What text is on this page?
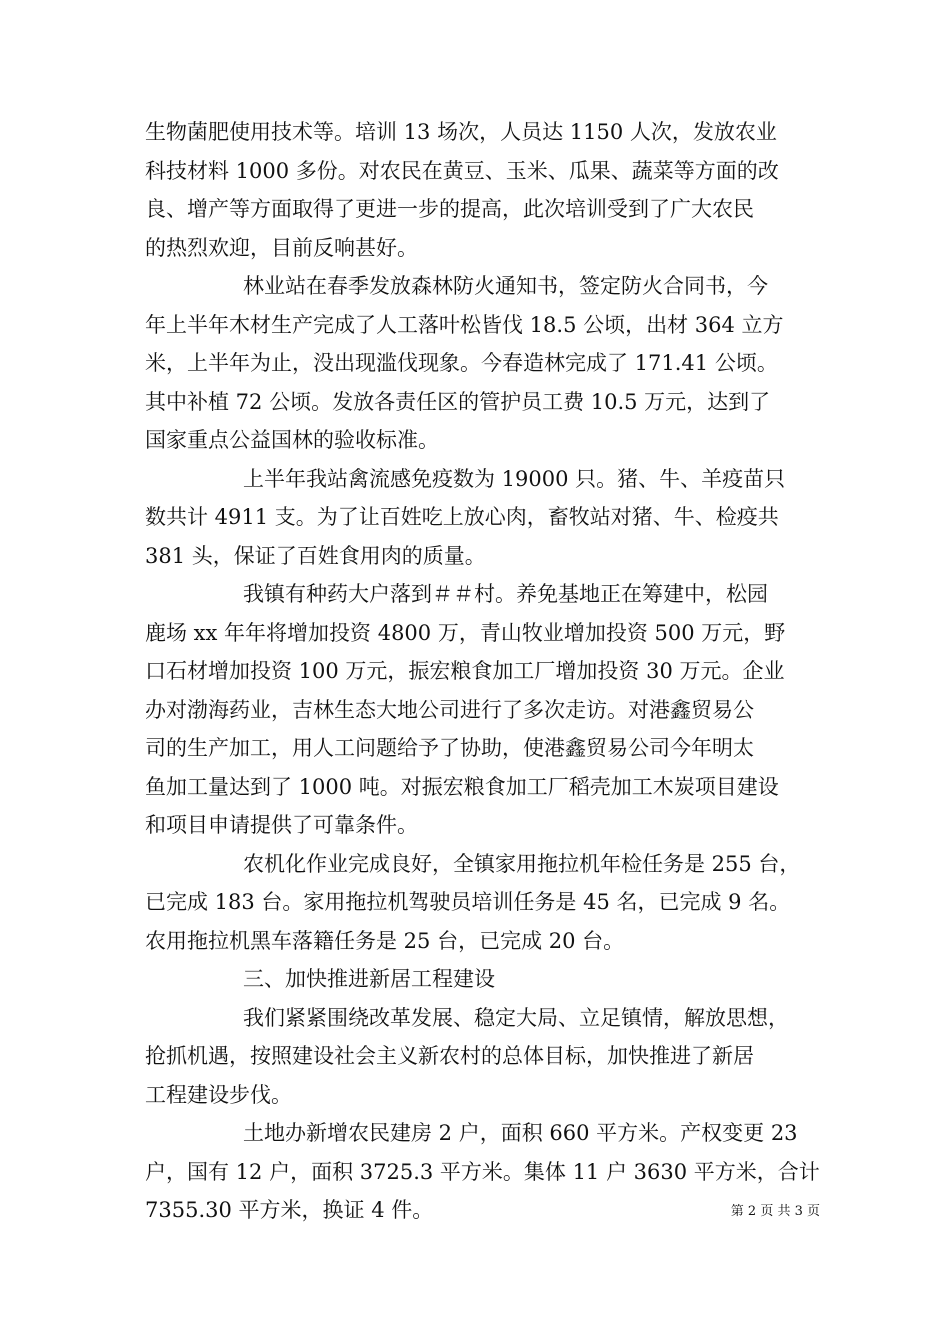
生物菌肥使用技术等。培训 13 场次，人员达 1150 人次，发放农业
科技材料 1000 多份。对农民在黄豆、玉米、瓜果、蔬菜等方面的改
良、增产等方面取得了更进一步的提高，此次培训受到了广大农民
的热烈欢迎，目前反响甚好。
林业站在春季发放森林防火通知书，签定防火合同书，今
年上半年木材生产完成了人工落叶松皆伐 18.5 公顷，出材 364 立方
米，上半年为止，没出现滥伐现象。今春造林完成了 171.41 公顷。
其中补植 72 公顷。发放各责任区的管护员工费 10.5 万元，达到了
国家重点公益国林的验收标准。
上半年我站禽流感免疫数为 19000 只。猪、牛、羊疫苗只
数共计 4911 支。为了让百姓吃上放心肉，畜牧站对猪、牛、检疫共
381 头，保证了百姓食用肉的质量。
我镇有种药大户落到＃＃村。养免基地正在筹建中，松园
鹿场 xx 年年将增加投资 4800 万，青山牧业增加投资 500 万元，野
口石材增加投资 100 万元，振宏粮食加工厂增加投资 30 万元。企业
办对渤海药业，吉林生态大地公司进行了多次走访。对港鑫贸易公
司的生产加工，用人工问题给予了协助，使港鑫贸易公司今年明太
鱼加工量达到了 1000 吨。对振宏粮食加工厂稻壳加工木炭项目建设
和项目申请提供了可靠条件。
农机化作业完成良好，全镇家用拖拉机年检任务是 255 台，
已完成 183 台。家用拖拉机驾驶员培训任务是 45 名，已完成 9 名。
农用拖拉机黑车落籍任务是 25 台，已完成 20 台。
三、加快推进新居工程建设
我们紧紧围绕改革发展、稳定大局、立足镇情，解放思想，
抢抓机遇，按照建设社会主义新农村的总体目标，加快推进了新居
工程建设步伐。
土地办新增农民建房 2 户，面积 660 平方米。产权变更 23
户，国有 12 户，面积 3725.3 平方米。集体 11 户 3630 平方米，合计
7355.30 平方米，换证 4 件。	第 2 页 共 3 页
